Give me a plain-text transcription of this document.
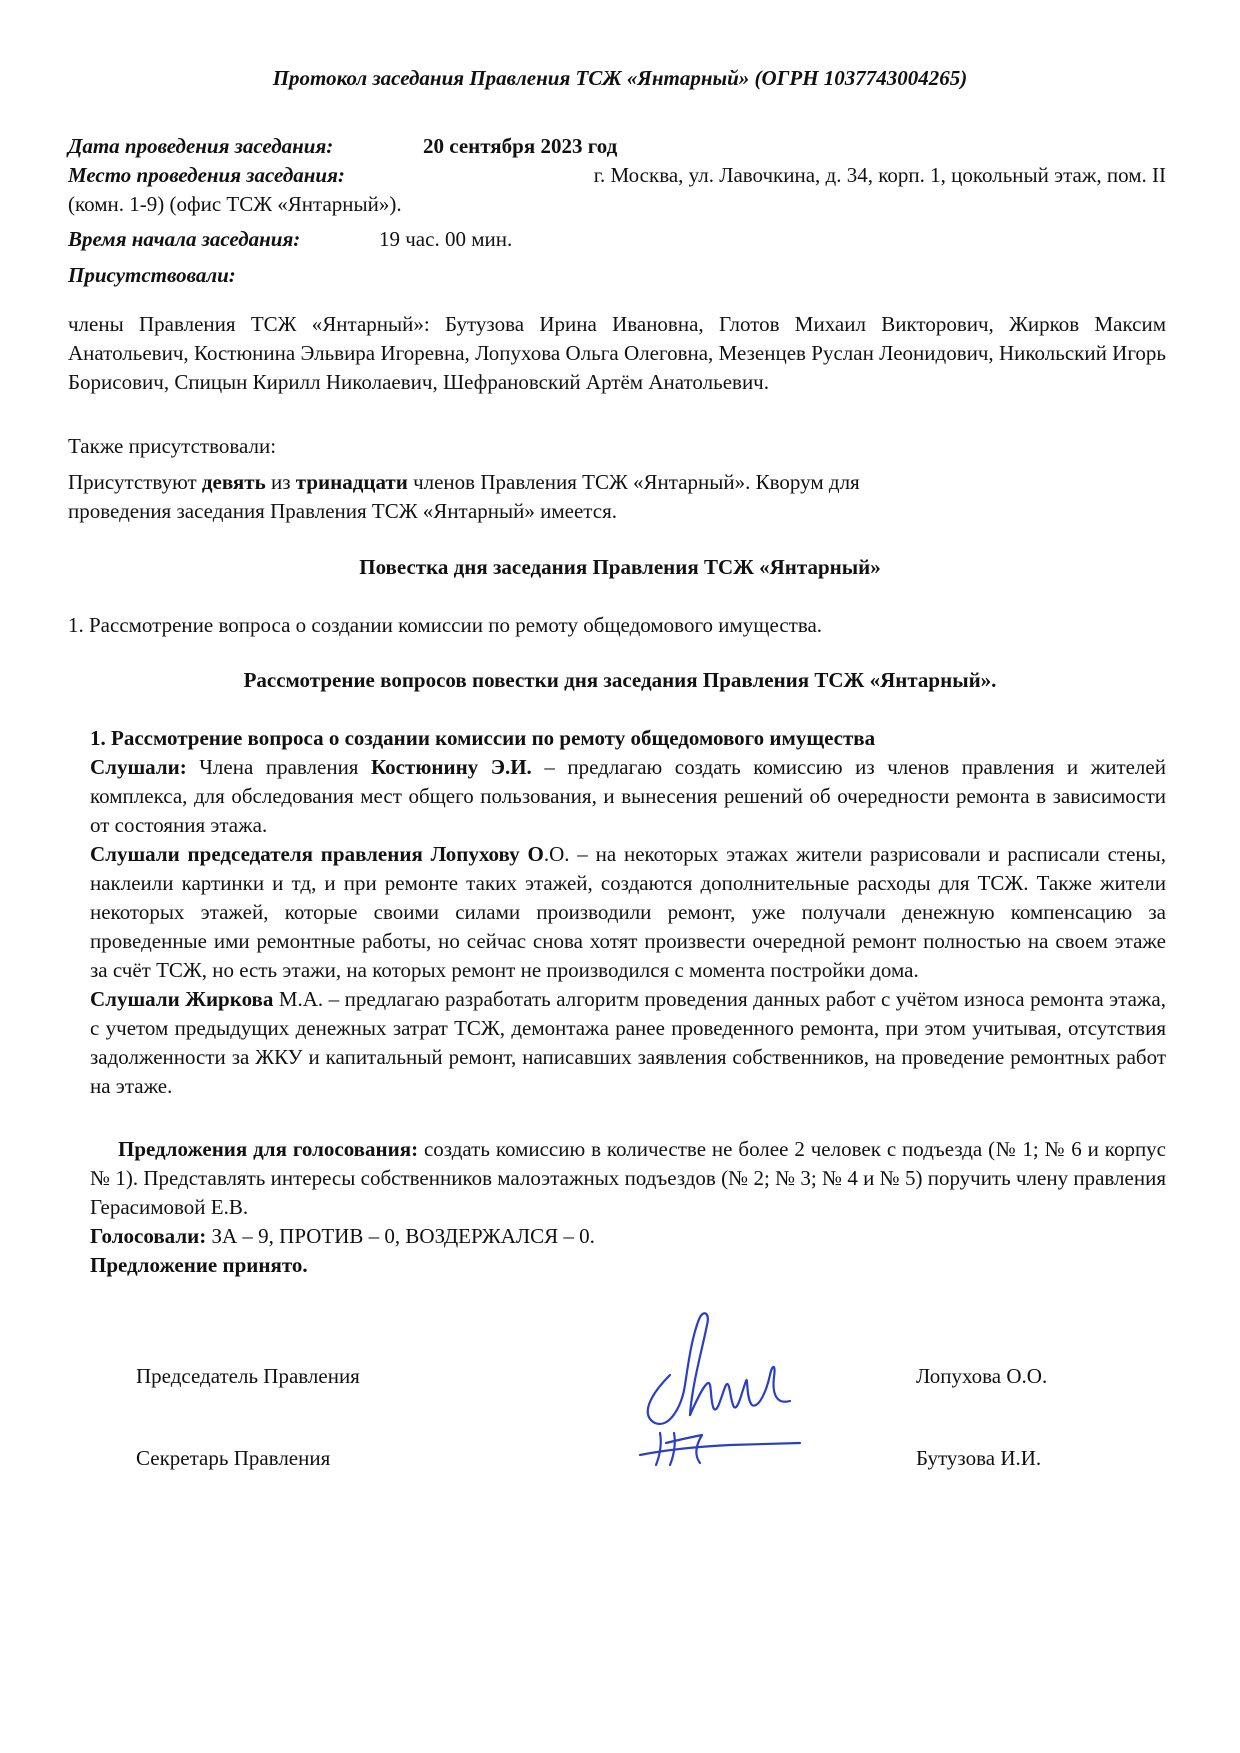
Протокол заседания Правления ТСЖ «Янтарный» (ОГРН 1037743004265)
Дата проведения заседания:	20 сентября 2023 год
Место проведения заседания:	г. Москва, ул. Лавочкина, д. 34, корп. 1, цокольный этаж, пом. II
(комн. 1-9) (офис ТСЖ «Янтарный»).
Время начала заседания:	19 час. 00 мин.
Присутствовали:
члены Правления ТСЖ «Янтарный»: Бутузова Ирина Ивановна, Глотов Михаил Викторович, Жирков Максим Анатольевич, Костюнина Эльвира Игоревна, Лопухова Ольга Олеговна, Мезенцев Руслан Леонидович, Никольский Игорь Борисович, Спицын Кирилл Николаевич, Шефрановский Артём Анатольевич.
Также присутствовали:
Присутствуют девять из тринадцати членов Правления ТСЖ «Янтарный». Кворум для
проведения заседания Правления ТСЖ «Янтарный» имеется.
Повестка дня заседания Правления ТСЖ «Янтарный»
1. Рассмотрение вопроса о создании комиссии по ремоту общедомового имущества.
Рассмотрение вопросов повестки дня заседания Правления ТСЖ «Янтарный».
1. Рассмотрение вопроса о создании комиссии по ремоту общедомового имущества
Слушали: Члена правления Костюнину Э.И. – предлагаю создать комиссию из членов правления и жителей комплекса, для обследования мест общего пользования, и вынесения решений об очередности ремонта в зависимости от состояния этажа.
Слушали председателя правления Лопухову О.О. – на некоторых этажах жители разрисовали и расписали стены, наклеили картинки и тд, и при ремонте таких этажей, создаются дополнительные расходы для ТСЖ. Также жители некоторых этажей, которые своими силами производили ремонт, уже получали денежную компенсацию за проведенные ими ремонтные работы, но сейчас снова хотят произвести очередной ремонт полностью на своем этаже за счёт ТСЖ, но есть этажи, на которых ремонт не производился с момента постройки дома.
Слушали Жиркова М.А. – предлагаю разработать алгоритм проведения данных работ с учётом износа ремонта этажа, с учетом предыдущих денежных затрат ТСЖ, демонтажа ранее проведенного ремонта, при этом учитывая, отсутствия задолженности за ЖКУ и капитальный ремонт, написавших заявления собственников, на проведение ремонтных работ на этаже.
Предложения для голосования: создать комиссию в количестве не более 2 человек с подъезда (№ 1; № 6 и корпус № 1). Представлять интересы собственников малоэтажных подъездов (№ 2; № 3; № 4 и № 5) поручить члену правления Герасимовой Е.В.
Голосовали: ЗА – 9, ПРОТИВ – 0, ВОЗДЕРЖАЛСЯ – 0.
Предложение принято.
Председатель Правления	Лопухова О.О.
Секретарь Правления	Бутузова И.И.
